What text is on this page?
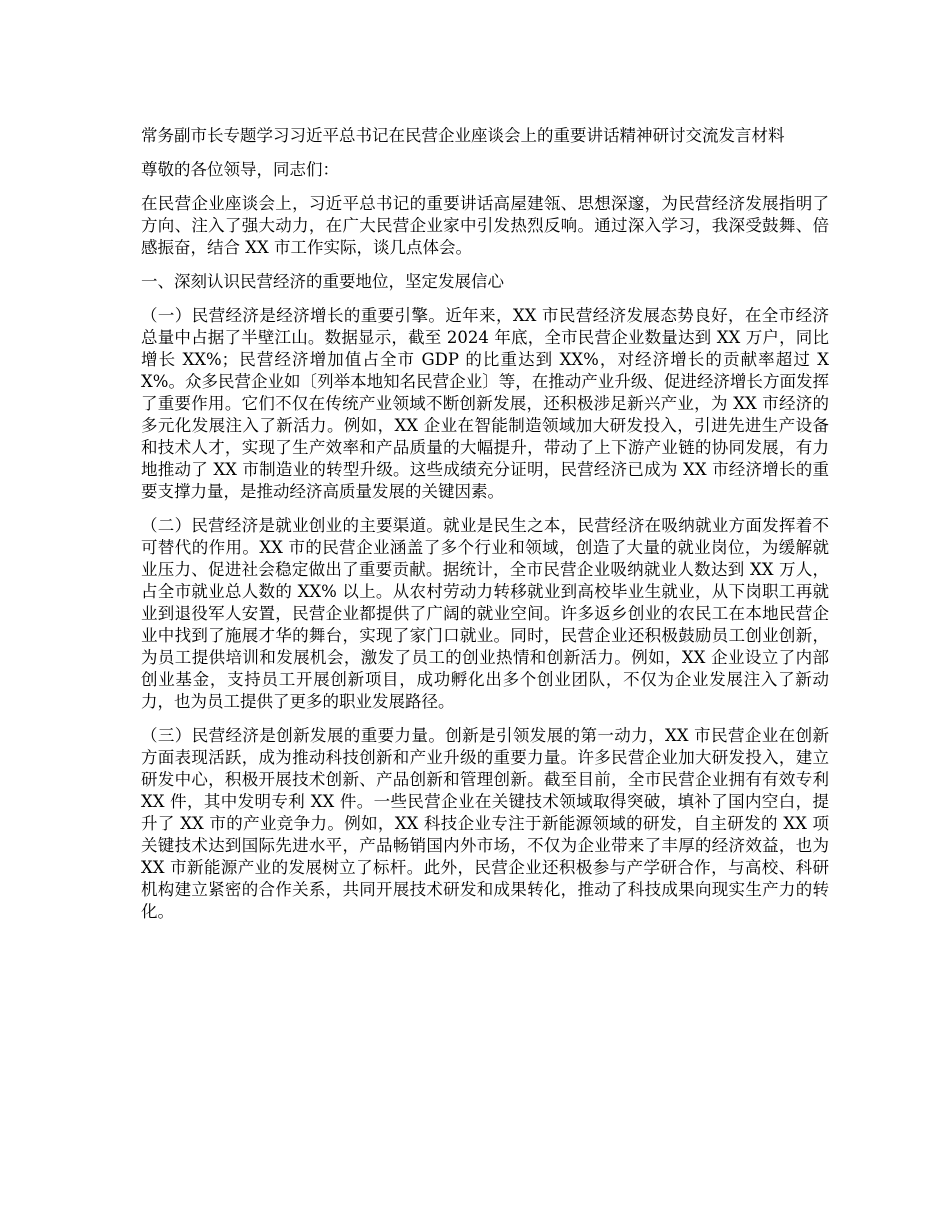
常务副市长专题学习习近平总书记在民营企业座谈会上的重要讲话精神研讨交流发言材料

尊敬的各位领导，同志们：

在民营企业座谈会上，习近平总书记的重要讲话高屋建瓴、思想深邃，为民营经济发展指明了方向、注入了强大动力，在广大民营企业家中引发热烈反响。通过深入学习，我深受鼓舞、倍感振奋，结合 XX 市工作实际，谈几点体会。

一、深刻认识民营经济的重要地位，坚定发展信心

（一）民营经济是经济增长的重要引擎。近年来，XX 市民营经济发展态势良好，在全市经济总量中占据了半壁江山。数据显示，截至 2024 年底，全市民营企业数量达到 XX 万户，同比增长 XX%；民营经济增加值占全市 GDP 的比重达到 XX%，对经济增长的贡献率超过 XX%。众多民营企业如〔列举本地知名民营企业〕等，在推动产业升级、促进经济增长方面发挥了重要作用。它们不仅在传统产业领域不断创新发展，还积极涉足新兴产业，为 XX 市经济的多元化发展注入了新活力。例如，XX 企业在智能制造领域加大研发投入，引进先进生产设备和技术人才，实现了生产效率和产品质量的大幅提升，带动了上下游产业链的协同发展，有力地推动了 XX 市制造业的转型升级。这些成绩充分证明，民营经济已成为 XX 市经济增长的重要支撑力量，是推动经济高质量发展的关键因素。

（二）民营经济是就业创业的主要渠道。就业是民生之本，民营经济在吸纳就业方面发挥着不可替代的作用。XX 市的民营企业涵盖了多个行业和领域，创造了大量的就业岗位，为缓解就业压力、促进社会稳定做出了重要贡献。据统计，全市民营企业吸纳就业人数达到 XX 万人，占全市就业总人数的 XX% 以上。从农村劳动力转移就业到高校毕业生就业，从下岗职工再就业到退役军人安置，民营企业都提供了广阔的就业空间。许多返乡创业的农民工在本地民营企业中找到了施展才华的舞台，实现了家门口就业。同时，民营企业还积极鼓励员工创业创新，为员工提供培训和发展机会，激发了员工的创业热情和创新活力。例如，XX 企业设立了内部创业基金，支持员工开展创新项目，成功孵化出多个创业团队，不仅为企业发展注入了新动力，也为员工提供了更多的职业发展路径。

（三）民营经济是创新发展的重要力量。创新是引领发展的第一动力，XX 市民营企业在创新方面表现活跃，成为推动科技创新和产业升级的重要力量。许多民营企业加大研发投入，建立研发中心，积极开展技术创新、产品创新和管理创新。截至目前，全市民营企业拥有有效专利 XX 件，其中发明专利 XX 件。一些民营企业在关键技术领域取得突破，填补了国内空白，提升了 XX 市的产业竞争力。例如，XX 科技企业专注于新能源领域的研发，自主研发的 XX 项关键技术达到国际先进水平，产品畅销国内外市场，不仅为企业带来了丰厚的经济效益，也为 XX 市新能源产业的发展树立了标杆。此外，民营企业还积极参与产学研合作，与高校、科研机构建立紧密的合作关系，共同开展技术研发和成果转化，推动了科技成果向现实生产力的转化。
